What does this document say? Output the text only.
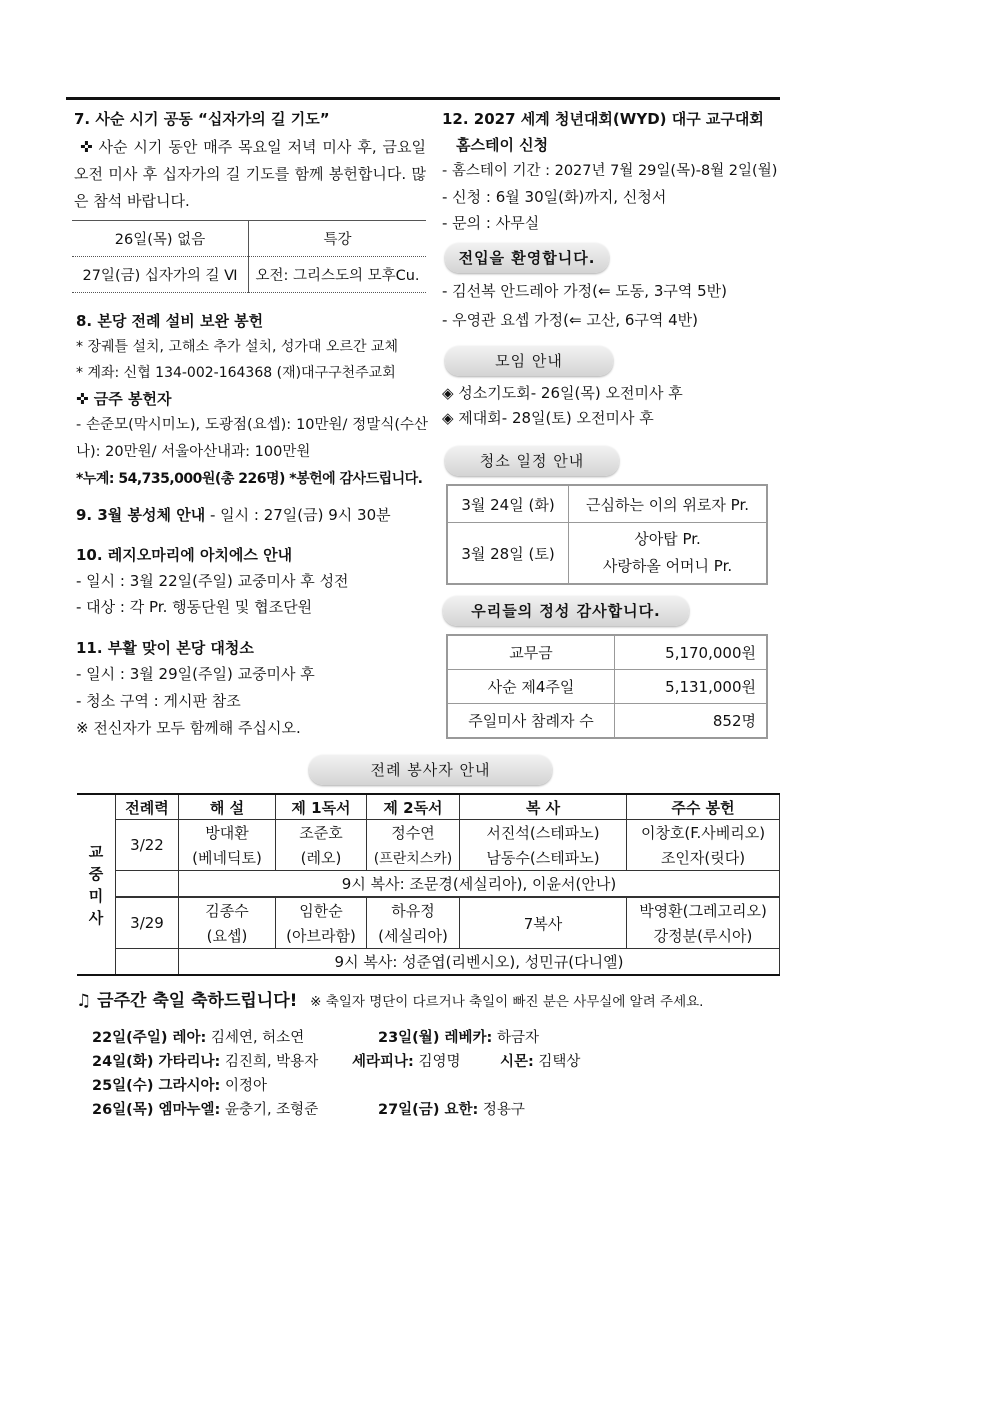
7. 사순 시기 공동 “십자가의 길 기도”
✜ 사순 시기 동안 매주 목요일 저녁 미사 후, 금요일 오전 미사 후 십자가의 길 기도를 함께 봉헌합니다. 많은 참석 바랍니다.
26일(목) 없음	특강
27일(금) 십자가의 길 Ⅵ	오전: 그리스도의 모후Cu.
8. 본당 전례 설비 보완 봉헌
* 장궤틀 설치, 고해소 추가 설치, 성가대 오르간 교체
* 계좌: 신협 134-002-164368 (재)대구구천주교회
✜ 금주 봉헌자
- 손준모(막시미노), 도광점(요셉): 10만원/ 정말식(수산나): 20만원/ 서울아산내과: 100만원
*누계: 54,735,000원(총 226명) *봉헌에 감사드립니다.
9. 3월 봉성체 안내 - 일시 : 27일(금) 9시 30분
10. 레지오마리에 아치에스 안내
- 일시 : 3월 22일(주일) 교중미사 후 성전
- 대상 : 각 Pr. 행동단원 및 협조단원
11. 부활 맞이 본당 대청소
- 일시 : 3월 29일(주일) 교중미사 후
- 청소 구역 : 게시판 참조
※ 전신자가 모두 함께해 주십시오.
12. 2027 세계 청년대회(WYD) 대구 교구대회
홈스테이 신청
- 홈스테이 기간 : 2027년 7월 29일(목)-8월 2일(월)
- 신청 : 6월 30일(화)까지, 신청서
- 문의 : 사무실
전입을 환영합니다.
- 김선복 안드레아 가정(⇐ 도동, 3구역 5반)
- 우영관 요셉 가정(⇐ 고산, 6구역 4반)
모임 안내
◈ 성소기도회- 26일(목) 오전미사 후
◈ 제대회- 28일(토) 오전미사 후
청소 일정 안내
3월 24일 (화)	근심하는 이의 위로자 Pr.
3월 28일 (토)	상아탑 Pr.
사랑하올 어머니 Pr.
우리들의 정성 감사합니다.
교무금	5,170,000원
사순 제4주일	5,131,000원
주일미사 참례자 수	852명
전례 봉사자 안내
교
중
미
사	전례력	해 설	제 1독서	제 2독서	복 사	주수 봉헌
	3/22	방대환	조준호	정수연	서진석(스테파노)	이창호(F.사베리오)
		(베네딕토)	(레오)	(프란치스카)	남동수(스테파노)	조인자(릿다)
		9시 복사: 조문경(세실리아), 이윤서(안나)				
	3/29	김종수	임한순	하유정	7복사	박영환(그레고리오)
		(요셉)	(아브라함)	(세실리아)		강정분(루시아)
		9시 복사: 성준엽(리벤시오), 성민규(다니엘)				
♫ 금주간 축일 축하드립니다! ※ 축일자 명단이 다르거나 축일이 빠진 분은 사무실에 알려 주세요.
22일(주일) 레아: 김세연, 허소연	23일(월) 레베카: 하금자
24일(화) 가타리나: 김진희, 박용자 세라피나: 김영명	시몬: 김택상
25일(수) 그라시아: 이정아
26일(목) 엠마누엘: 윤충기, 조형준	27일(금) 요한: 정용구
